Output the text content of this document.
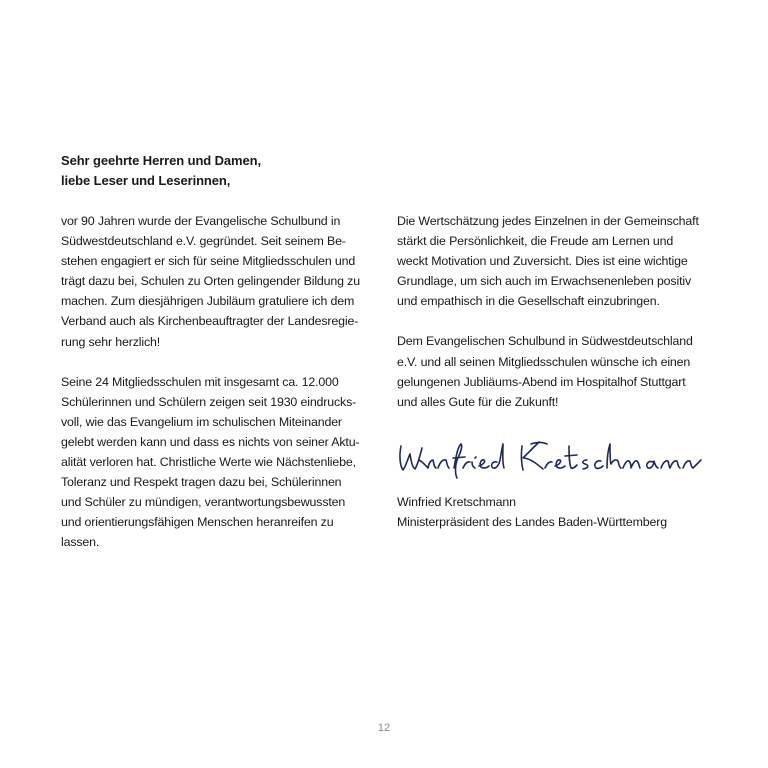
Sehr geehrte Herren und Damen,
liebe Leser und Leserinnen,
vor 90 Jahren wurde der Evangelische Schulbund in
Südwestdeutschland e.V. gegründet. Seit seinem Be-
stehen engagiert er sich für seine Mitgliedsschulen und
trägt dazu bei, Schulen zu Orten gelingender Bildung zu
machen. Zum diesjährigen Jubiläum gratuliere ich dem
Verband auch als Kirchenbeauftragter der Landesregie-
rung sehr herzlich!
Seine 24 Mitgliedsschulen mit insgesamt ca. 12.000
Schülerinnen und Schülern zeigen seit 1930 eindrucks-
voll, wie das Evangelium im schulischen Miteinander
gelebt werden kann und dass es nichts von seiner Aktu-
alität verloren hat. Christliche Werte wie Nächstenliebe,
Toleranz und Respekt tragen dazu bei, Schülerinnen
und Schüler zu mündigen, verantwortungsbewussten
und orientierungsfähigen Menschen heranreifen zu
lassen.
Die Wertschätzung jedes Einzelnen in der Gemeinschaft
stärkt die Persönlichkeit, die Freude am Lernen und
weckt Motivation und Zuversicht. Dies ist eine wichtige
Grundlage, um sich auch im Erwachsenenleben positiv
und empathisch in die Gesellschaft einzubringen.
Dem Evangelischen Schulbund in Südwestdeutschland
e.V. und all seinen Mitgliedsschulen wünsche ich einen
gelungenen Jubliäums-Abend im Hospitalhof Stuttgart
und alles Gute für die Zukunft!
Winfried Kretschmann
Ministerpräsident des Landes Baden-Württemberg
12
